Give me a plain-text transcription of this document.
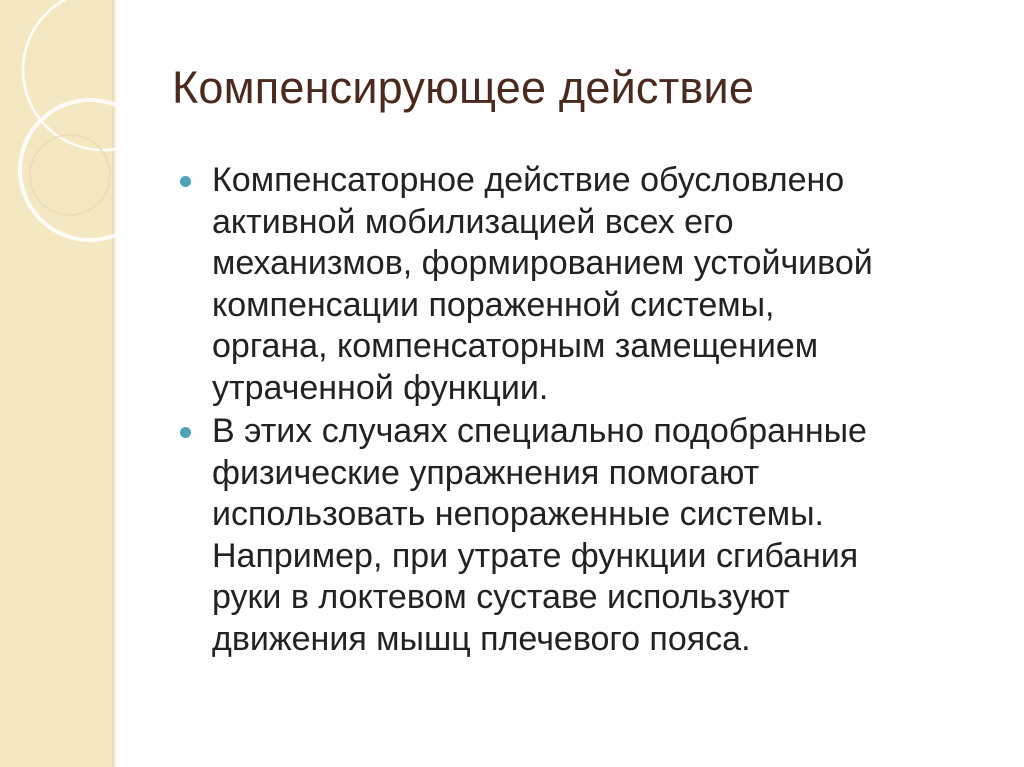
Компенсирующее действие
Компенсаторное действие обусловлено
активной мобилизацией всех его
механизмов, формированием устойчивой
компенсации пораженной системы,
органа, компенсаторным замещением
утраченной функции.
В этих случаях специально подобранные
физические упражнения помогают
использовать непораженные системы.
Например, при утрате функции сгибания
руки в локтевом суставе используют
движения мышц плечевого пояса.
